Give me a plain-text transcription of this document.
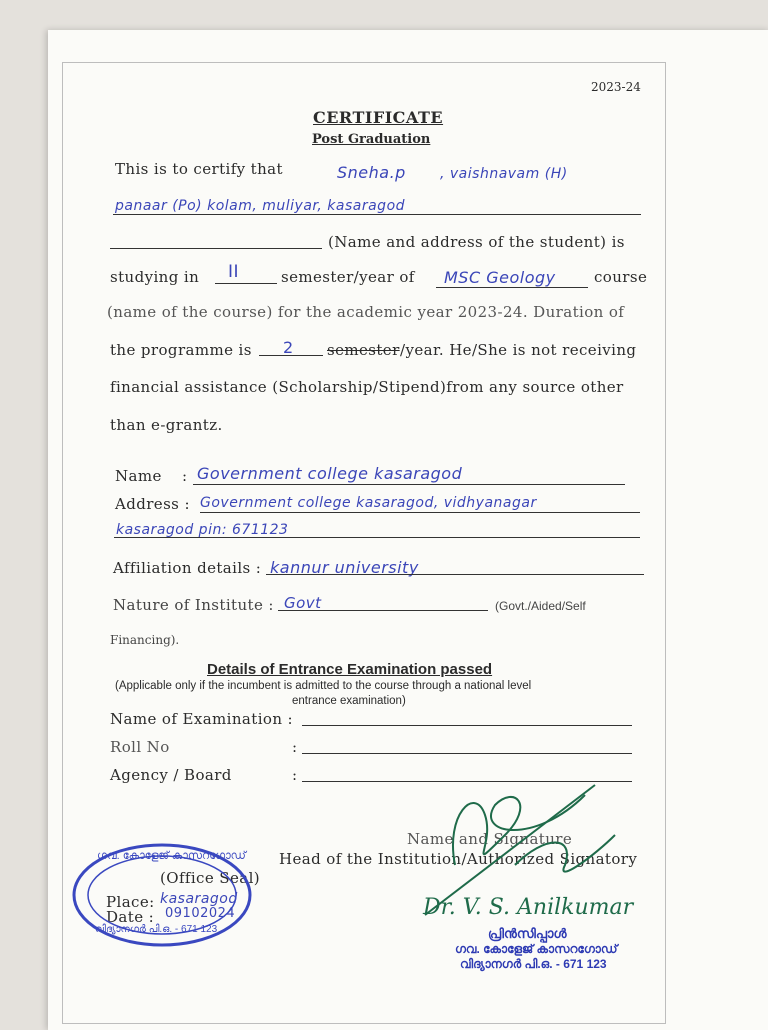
2023-24
CERTIFICATE
Post Graduation
This is to certify that	Sneha.p , vaishnavam (H)
panaar (Po) kolam, muliyar, kasaragod
(Name and address of the student) is
studying in II	semester/year of MSC Geology	course
(name of the course) for the academic year 2023-24. Duration of
the programme is 2 semester /year. He/She is not receiving
financial assistance (Scholarship/Stipend)from any source other
than e-grantz.
Name : Government college kasaragod
Address : Government college kasaragod, vidhyanagar
kasaragod pin: 671123
Affiliation details : kannur university
Nature of Institute : Govt	(Govt./Aided/Self
Financing).
Details of Entrance Examination passed
(Applicable only if the incumbent is admitted to the course through a national level
entrance examination)
Name of Examination :
Roll No	:
Agency / Board	:
Name and Signature
Head of the Institution/Authorized Signatory
(Office Seal)
Place: kasaragod
Date : 09102024
ഗവ. കോളേജ് കാസറഗോഡ്
വിദ്യാനഗർ പി.ഒ. - 671 123
Dr. V. S. Anilkumar
പ്രിൻസിപ്പാൾ
ഗവ. കോളേജ് കാസറഗോഡ്
വിദ്യാനഗർ പി.ഒ. - 671 123
